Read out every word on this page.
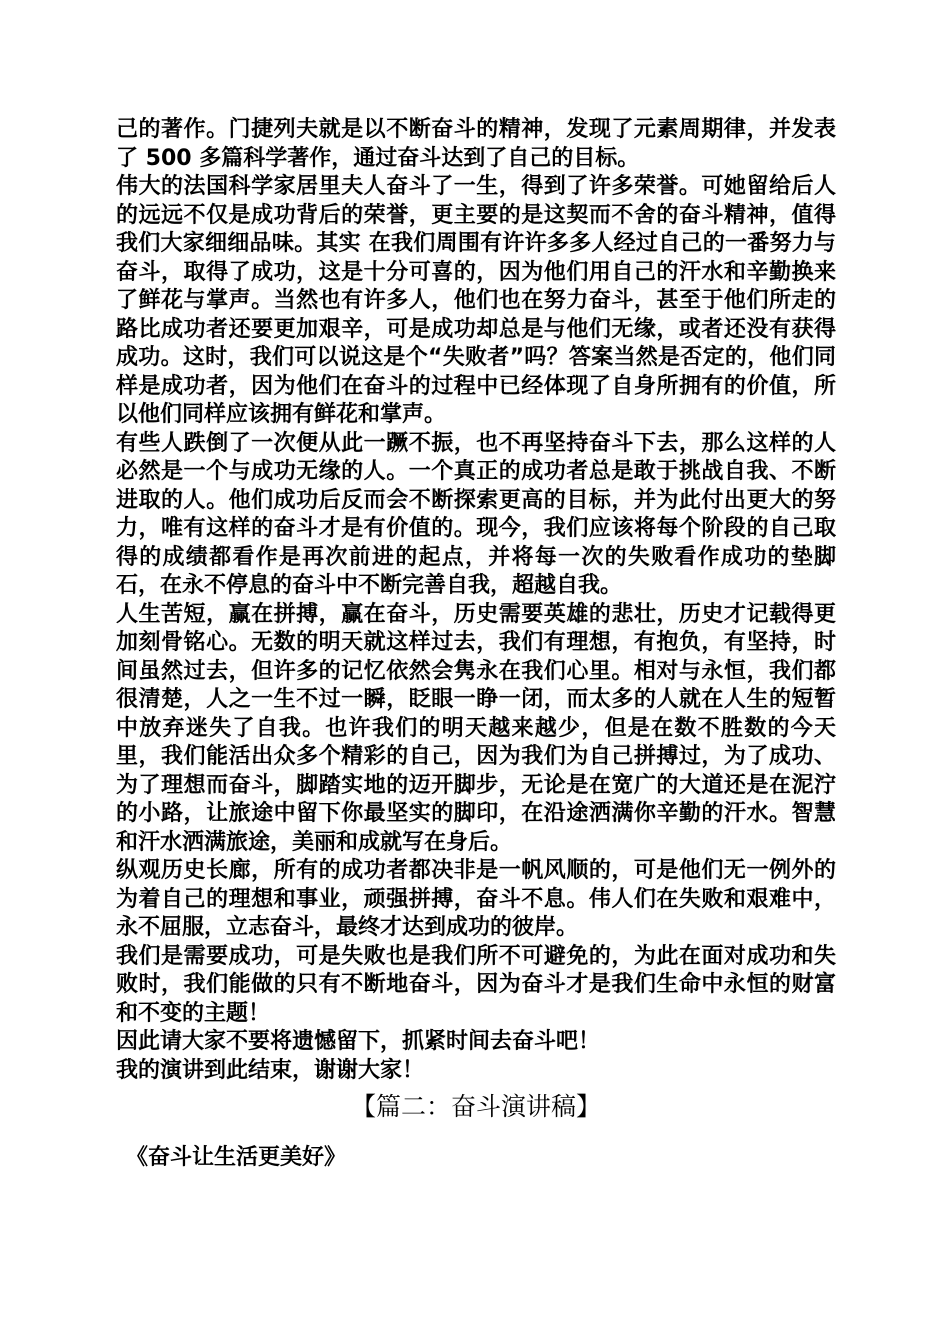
己的著作。门捷列夫就是以不断奋斗的精神，发现了元素周期律，并发表了 500 多篇科学著作，通过奋斗达到了自己的目标。

伟大的法国科学家居里夫人奋斗了一生，得到了许多荣誉。可她留给后人的远远不仅是成功背后的荣誉，更主要的是这契而不舍的奋斗精神，值得我们大家细细品味。其实 在我们周围有许许多多人经过自己的一番努力与奋斗，取得了成功，这是十分可喜的，因为他们用自己的汗水和辛勤换来了鲜花与掌声。当然也有许多人，他们也在努力奋斗，甚至于他们所走的路比成功者还要更加艰辛，可是成功却总是与他们无缘，或者还没有获得成功。这时，我们可以说这是个“失败者”吗？答案当然是否定的，他们同样是成功者，因为他们在奋斗的过程中已经体现了自身所拥有的价值，所以他们同样应该拥有鲜花和掌声。

有些人跌倒了一次便从此一蹶不振，也不再坚持奋斗下去，那么这样的人必然是一个与成功无缘的人。一个真正的成功者总是敢于挑战自我、不断进取的人。他们成功后反而会不断探索更高的目标，并为此付出更大的努力，唯有这样的奋斗才是有价值的。现今，我们应该将每个阶段的自己取得的成绩都看作是再次前进的起点，并将每一次的失败看作成功的垫脚石，在永不停息的奋斗中不断完善自我，超越自我。

人生苦短，赢在拼搏，赢在奋斗，历史需要英雄的悲壮，历史才记载得更加刻骨铭心。无数的明天就这样过去，我们有理想，有抱负，有坚持，时间虽然过去，但许多的记忆依然会隽永在我们心里。相对与永恒，我们都很清楚，人之一生不过一瞬，眨眼一睁一闭，而太多的人就在人生的短暂中放弃迷失了自我。也许我们的明天越来越少，但是在数不胜数的今天里，我们能活出众多个精彩的自己，因为我们为自己拼搏过，为了成功、为了理想而奋斗，脚踏实地的迈开脚步，无论是在宽广的大道还是在泥泞的小路，让旅途中留下你最坚实的脚印，在沿途洒满你辛勤的汗水。智慧和汗水洒满旅途，美丽和成就写在身后。

纵观历史长廊，所有的成功者都决非是一帆风顺的，可是他们无一例外的为着自己的理想和事业，顽强拼搏，奋斗不息。伟人们在失败和艰难中，永不屈服，立志奋斗，最终才达到成功的彼岸。

我们是需要成功，可是失败也是我们所不可避免的，为此在面对成功和失败时，我们能做的只有不断地奋斗，因为奋斗才是我们生命中永恒的财富和不变的主题！

因此请大家不要将遗憾留下，抓紧时间去奋斗吧！

我的演讲到此结束，谢谢大家！

【篇二：奋斗演讲稿】
《奋斗让生活更美好》
